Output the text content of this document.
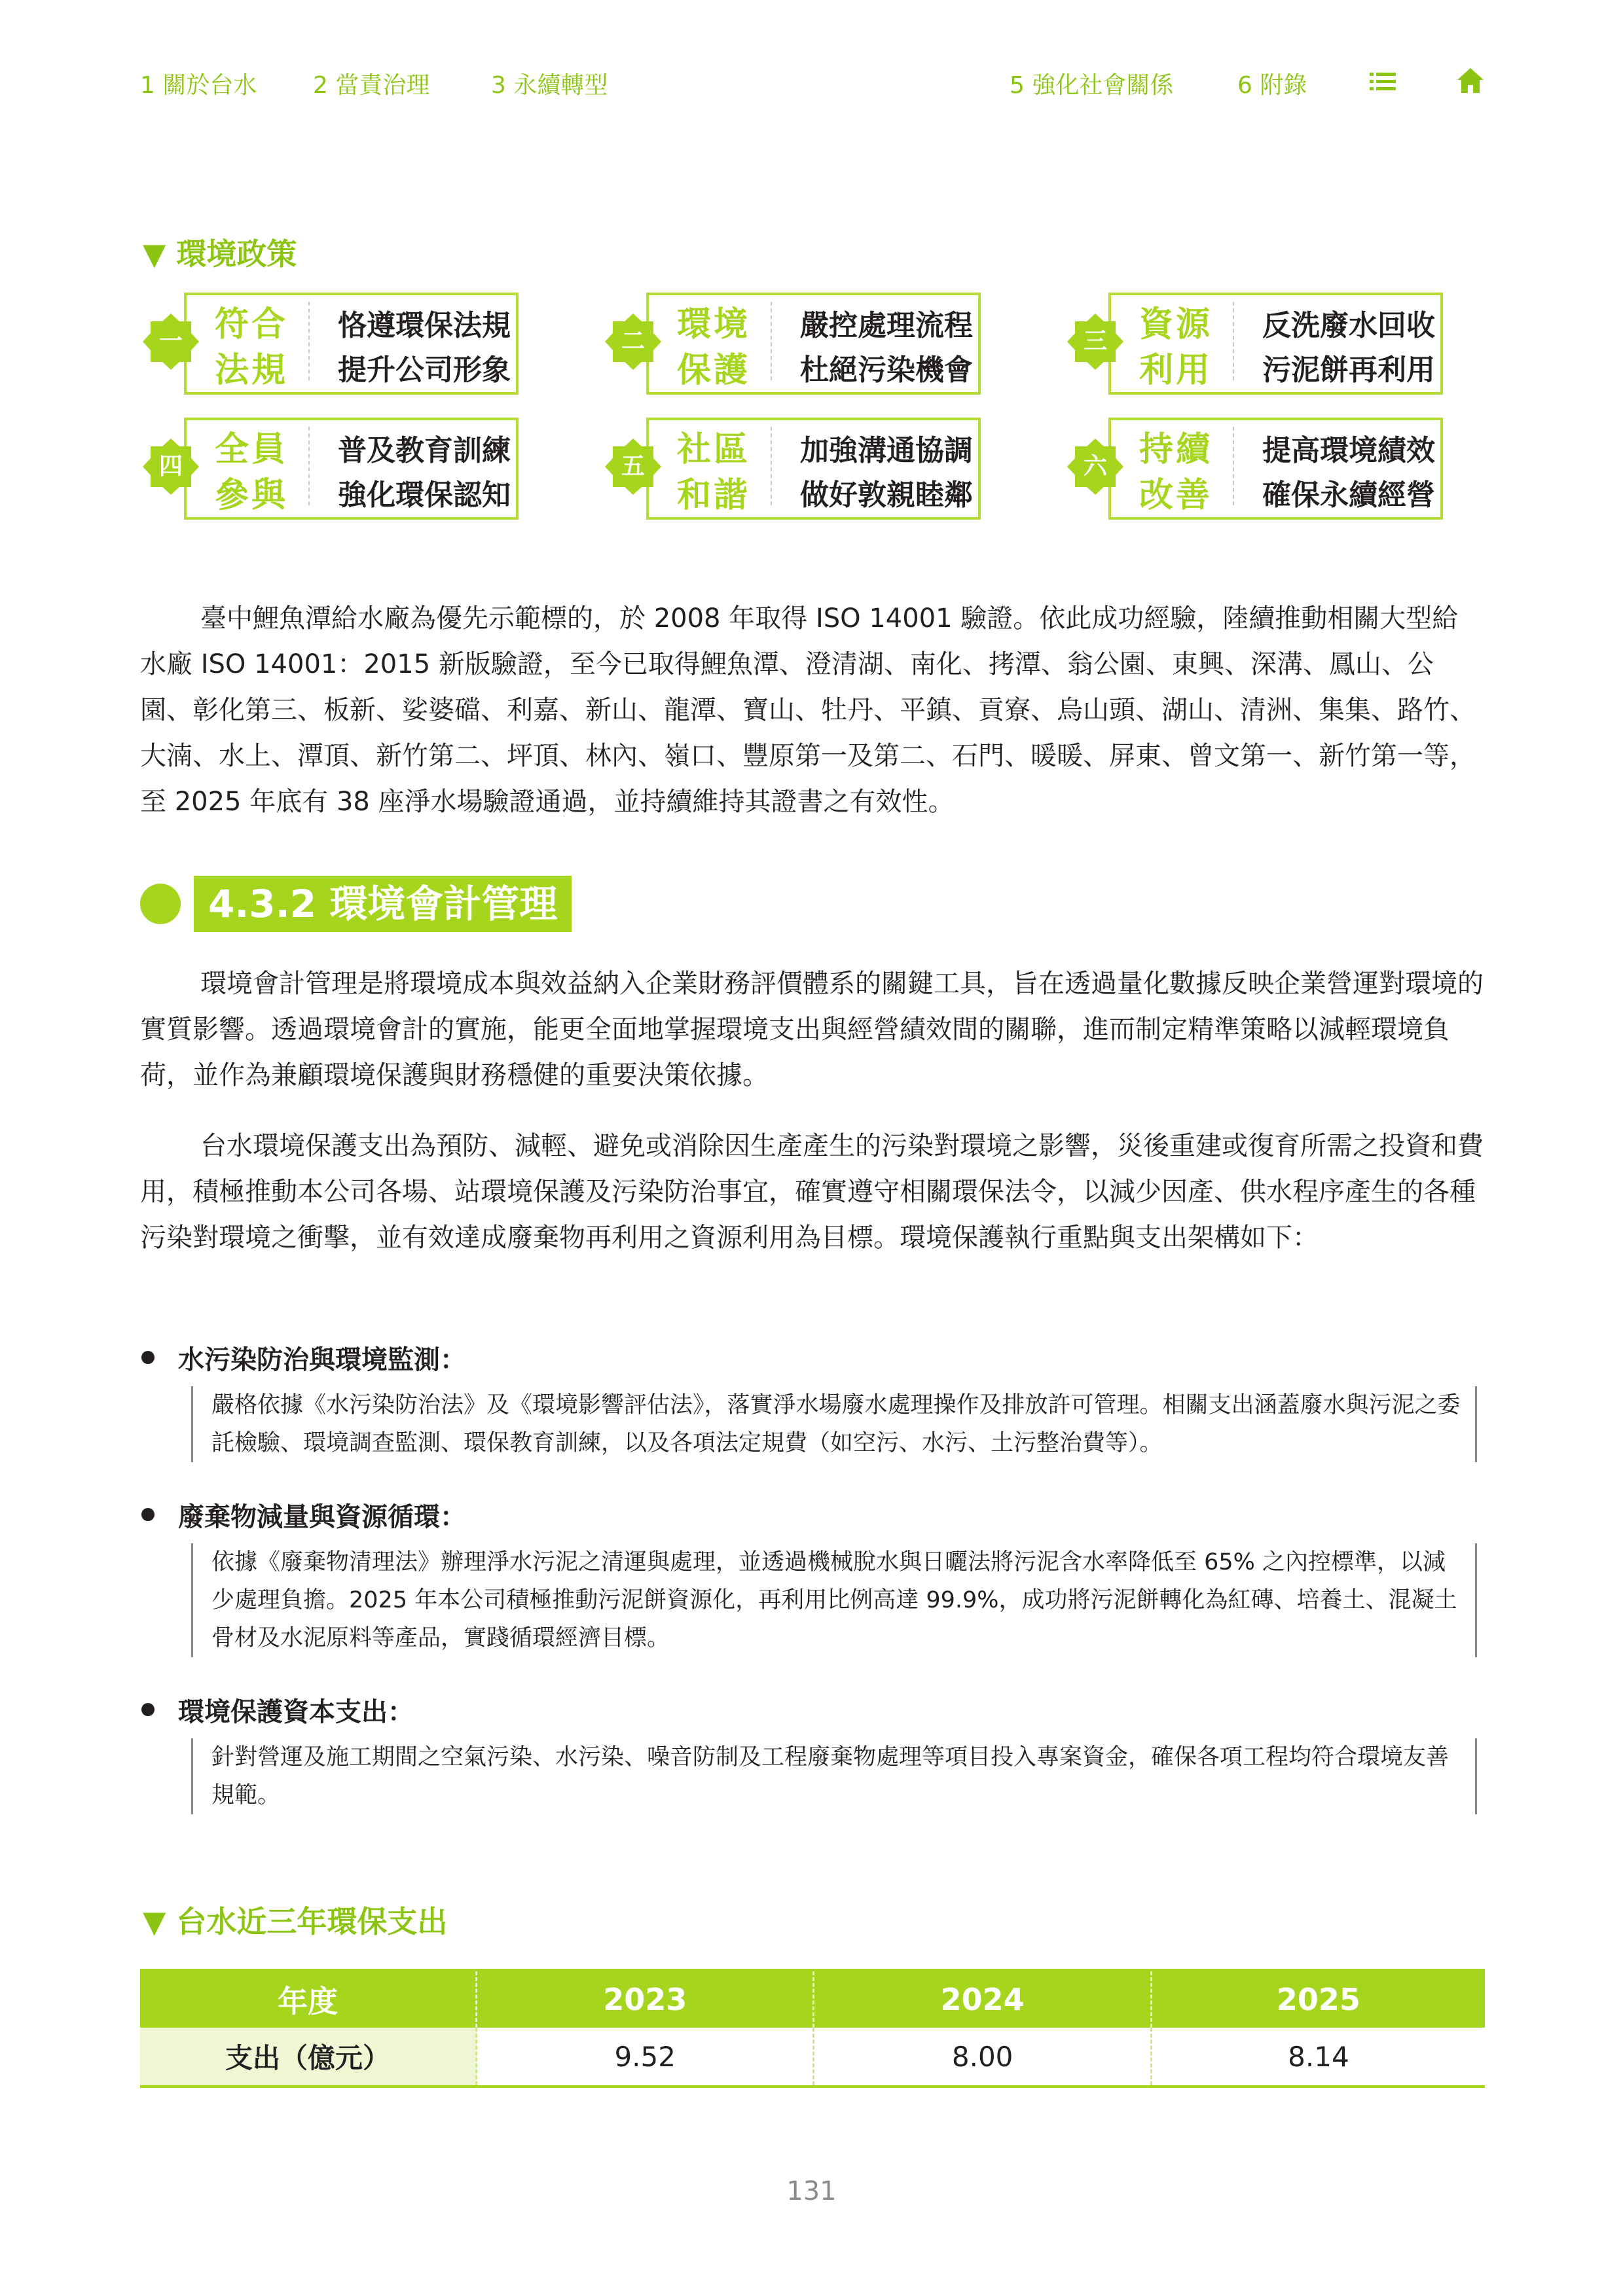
1 關於台水 2 當責治理	3 永續轉型	5 強化社會關係	6 附錄
▼ 環境政策
一 符合
法規
恪遵環保法規
提升公司形象
二 環境
保護
嚴控處理流程
杜絕污染機會
三 資源
利用
反洗廢水回收
污泥餅再利用
四 全員
參與
普及教育訓練
強化環保認知
五 社區
和諧
加強溝通協調
做好敦親睦鄰
六 持續
改善
提高環境績效
確保永續經營

臺中鯉魚潭給水廠為優先示範標的，於 2008 年取得 ISO 14001 驗證。依此成功經驗，陸續推動相關大型給水廠 ISO 14001：2015 新版驗證，至今已取得鯉魚潭、澄清湖、南化、拷潭、翁公園、東興、深溝、鳳山、公園、彰化第三、板新、娑婆礑、利嘉、新山、龍潭、寶山、牡丹、平鎮、貢寮、烏山頭、湖山、清洲、集集、路竹、大湳、水上、潭頂、新竹第二、坪頂、林內、嶺口、豐原第一及第二、石門、暖暖、屏東、曾文第一、新竹第一等，至 2025 年底有 38 座淨水場驗證通過，並持續維持其證書之有效性。

4.3.2 環境會計管理

環境會計管理是將環境成本與效益納入企業財務評價體系的關鍵工具，旨在透過量化數據反映企業營運對環境的實質影響。透過環境會計的實施，能更全面地掌握環境支出與經營績效間的關聯，進而制定精準策略以減輕環境負荷，並作為兼顧環境保護與財務穩健的重要決策依據。

台水環境保護支出為預防、減輕、避免或消除因生產產生的污染對環境之影響，災後重建或復育所需之投資和費用，積極推動本公司各場、站環境保護及污染防治事宜，確實遵守相關環保法令，以減少因產、供水程序產生的各種污染對環境之衝擊，並有效達成廢棄物再利用之資源利用為目標。環境保護執行重點與支出架構如下：

水污染防治與環境監測：
嚴格依據《水污染防治法》及《環境影響評估法》，落實淨水場廢水處理操作及排放許可管理。相關支出涵蓋廢水與污泥之委託檢驗、環境調查監測、環保教育訓練，以及各項法定規費（如空污、水污、土污整治費等）。
廢棄物減量與資源循環：
依據《廢棄物清理法》辦理淨水污泥之清運與處理，並透過機械脫水與日曬法將污泥含水率降低至 65% 之內控標準，以減少處理負擔。2025 年本公司積極推動污泥餅資源化，再利用比例高達 99.9%，成功將污泥餅轉化為紅磚、培養土、混凝土骨材及水泥原料等產品，實踐循環經濟目標。
環境保護資本支出：
針對營運及施工期間之空氣污染、水污染、噪音防制及工程廢棄物處理等項目投入專案資金，確保各項工程均符合環境友善規範。
▼ 台水近三年環保支出
年度	2023	2024	2025
支出（億元）	9.52	8.00	8.14
131
